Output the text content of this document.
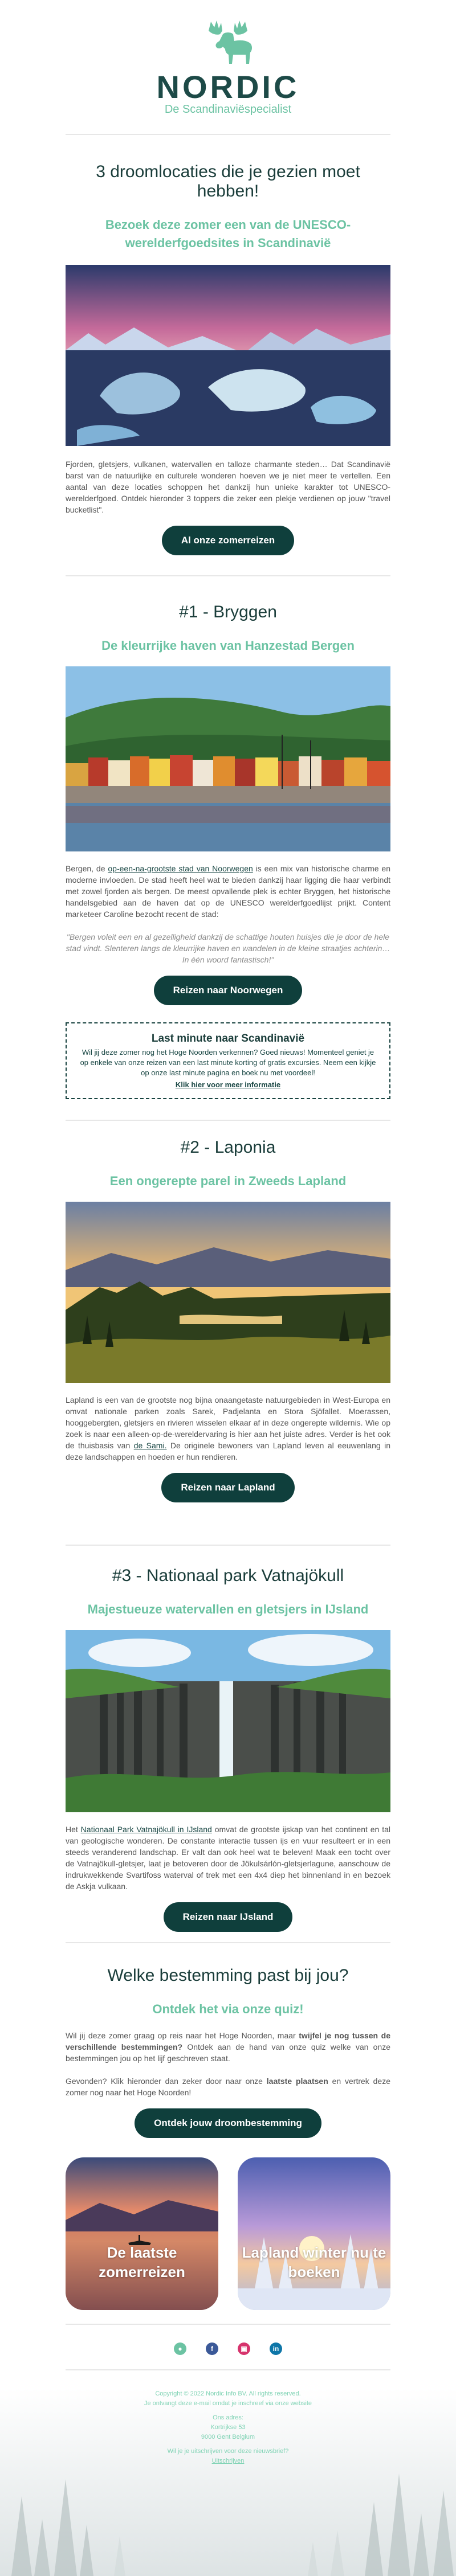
NORDIC
De Scandinaviëspecialist
3 droomlocaties die je gezien moet hebben!
Bezoek deze zomer een van de UNESCO-werelderfgoedsites in Scandinavië

Fjorden, gletsjers, vulkanen, watervallen en talloze charmante steden… Dat Scandinavië barst van de natuurlijke en culturele wonderen hoeven we je niet meer te vertellen. Een aantal van deze locaties schoppen het dankzij hun unieke karakter tot UNESCO-werelderfgoed. Ontdek hieronder 3 toppers die zeker een plekje verdienen op jouw "travel bucketlist".

Al onze zomerreizen
#1 - Bryggen
De kleurrijke haven van Hanzestad Bergen

Bergen, de op-een-na-grootste stad van Noorwegen is een mix van historische charme en moderne invloeden. De stad heeft heel wat te bieden dankzij haar ligging die haar verbindt met zowel fjorden als bergen. De meest opvallende plek is echter Bryggen, het historische handelsgebied aan de haven dat op de UNESCO werelderfgoedlijst prijkt. Content marketeer Caroline bezocht recent de stad:

"Bergen voleit een en al gezelligheid dankzij de schattige houten huisjes die je door de hele stad vindt. Slenteren langs de kleurrijke haven en wandelen in de kleine straatjes achterin… In één woord fantastisch!"

Reizen naar Noorwegen
Last minute naar Scandinavië
Wil jij deze zomer nog het Hoge Noorden verkennen? Goed nieuws! Momenteel geniet je op enkele van onze reizen van een last minute korting of gratis excursies. Neem een kijkje op onze last minute pagina en boek nu met voordeel!
Klik hier voor meer informatie
#2 - Laponia
Een ongerepte parel in Zweeds Lapland

Lapland is een van de grootste nog bijna onaangetaste natuurgebieden in West-Europa en omvat nationale parken zoals Sarek, Padjelanta en Stora Sjöfallet. Moerassen, hooggebergten, gletsjers en rivieren wisselen elkaar af in deze ongerepte wildernis. Wie op zoek is naar een alleen-op-de-wereldervaring is hier aan het juiste adres. Verder is het ook de thuisbasis van de Sami. De originele bewoners van Lapland leven al eeuwenlang in deze landschappen en hoeden er hun rendieren.

Reizen naar Lapland
#3 - Nationaal park Vatnajökull
Majestueuze watervallen en gletsjers in IJsland

Het Nationaal Park Vatnajökull in IJsland omvat de grootste ijskap van het continent en tal van geologische wonderen. De constante interactie tussen ijs en vuur resulteert er in een steeds veranderend landschap. Er valt dan ook heel wat te beleven! Maak een tocht over de Vatnajökull-gletsjer, laat je betoveren door de Jökulsárlón-gletsjerlagune, aanschouw de indrukwekkende Svartifoss waterval of trek met een 4x4 diep het binnenland in en bezoek de Askja vulkaan.

Reizen naar IJsland
Welke bestemming past bij jou?
Ontdek het via onze quiz!

Wil jij deze zomer graag op reis naar het Hoge Noorden, maar twijfel je nog tussen de verschillende bestemmingen? Ontdek aan de hand van onze quiz welke van onze bestemmingen jou op het lijf geschreven staat.

Gevonden? Klik hieronder dan zeker door naar onze laatste plaatsen en vertrek deze zomer nog naar het Hoge Noorden!

Ontdek jouw droombestemming
De laatste zomerreizen
Lapland winter nu te boeken
●	f	▣	in
Copyright © 2022 Nordic Info BV. All rights reserved.
Je ontvangt deze e-mail omdat je inschreef via onze website
Ons adres:
Kortrijkse 53
9000 Gent Belgium
Wil je je uitschrijven voor deze nieuwsbrief?
Uitschrijven
